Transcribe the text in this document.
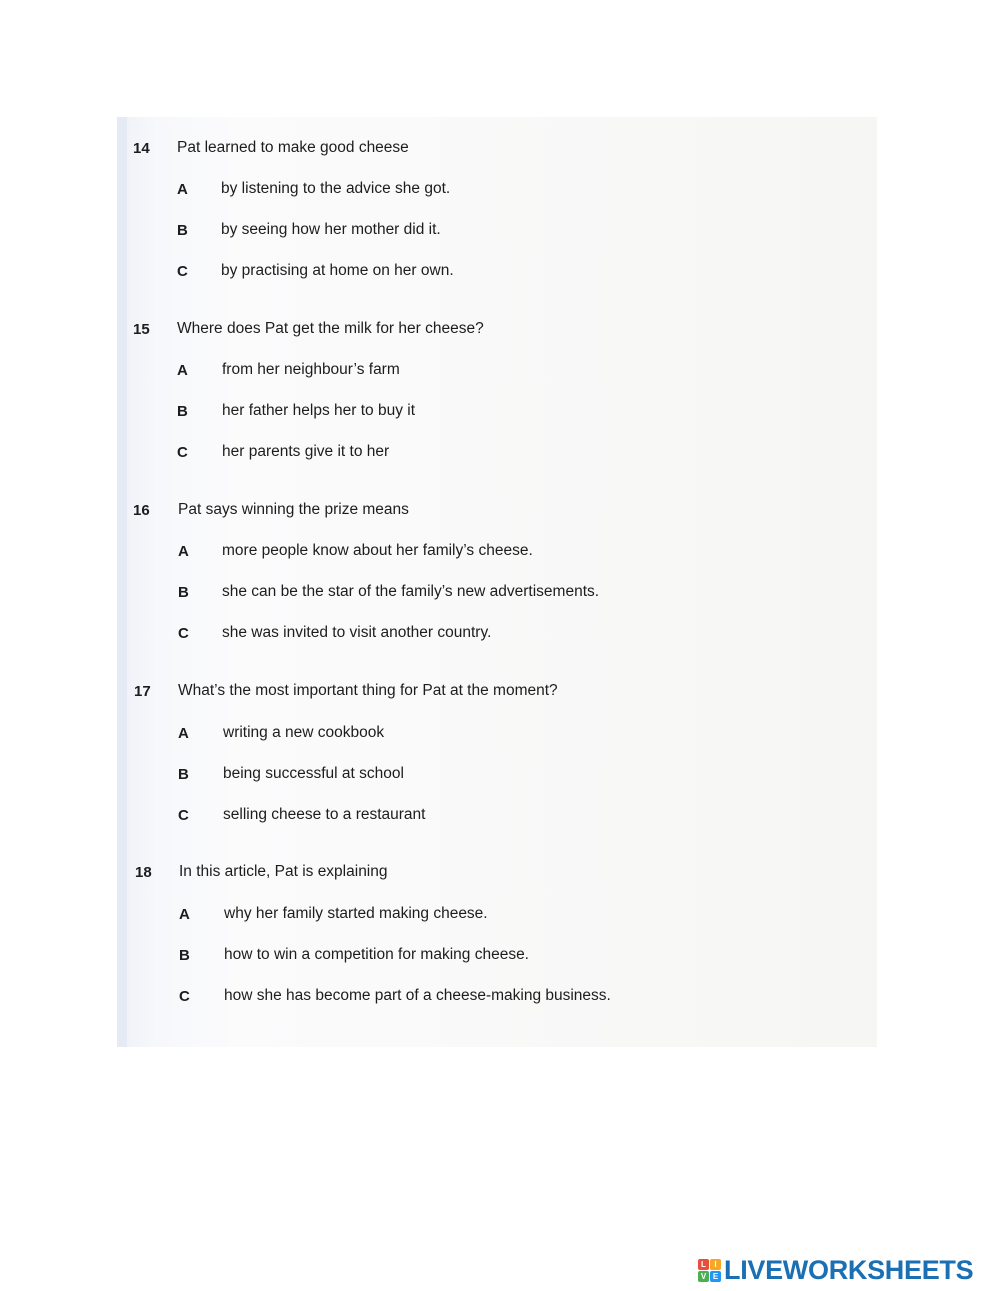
14 Pat learned to make good cheese
A by listening to the advice she got.
B by seeing how her mother did it.
C by practising at home on her own.
15 Where does Pat get the milk for her cheese?
A from her neighbour’s farm
B her father helps her to buy it
C her parents give it to her
16 Pat says winning the prize means
A more people know about her family’s cheese.
B she can be the star of the family’s new advertisements.
C she was invited to visit another country.
17 What’s the most important thing for Pat at the moment?
A writing a new cookbook
B being successful at school
C selling cheese to a restaurant
18 In this article, Pat is explaining
A why her family started making cheese.
B how to win a competition for making cheese.
C how she has become part of a cheese-making business.
L	I
V E LIVEWORKSHEETS
